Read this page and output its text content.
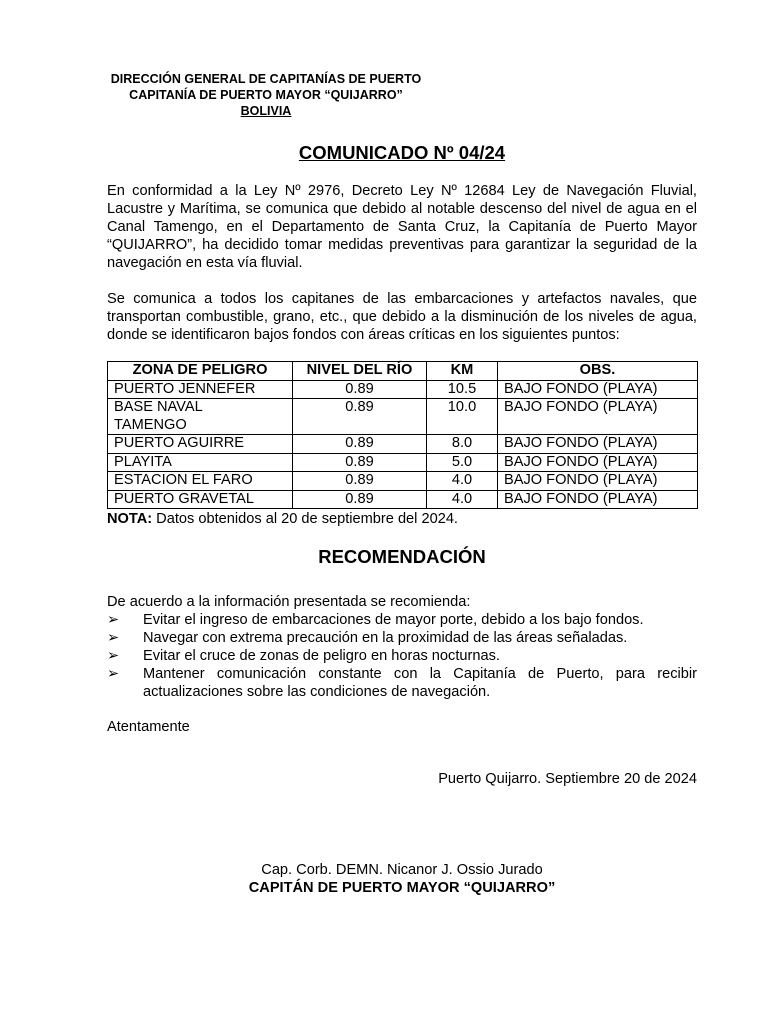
DIRECCIÓN GENERAL DE CAPITANÍAS DE PUERTO
CAPITANÍA DE PUERTO MAYOR “QUIJARRO”
BOLIVIA
COMUNICADO Nº 04/24
En conformidad a la Ley Nº 2976, Decreto Ley Nº 12684 Ley de Navegación Fluvial, Lacustre y Marítima, se comunica que debido al notable descenso del nivel de agua en el Canal Tamengo, en el Departamento de Santa Cruz, la Capitanía de Puerto Mayor “QUIJARRO”, ha decidido tomar medidas preventivas para garantizar la seguridad de la navegación en esta vía fluvial.
Se comunica a todos los capitanes de las embarcaciones y artefactos navales, que transportan combustible, grano, etc., que debido a la disminución de los niveles de agua, donde se identificaron bajos fondos con áreas críticas en los siguientes puntos:
ZONA DE PELIGRO	NIVEL DEL RÍO	KM	OBS.
PUERTO JENNEFER	0.89	10.5	BAJO FONDO (PLAYA)

BASE NAVAL
TAMENGO	0.89	10.0	BAJO FONDO (PLAYA)
PUERTO AGUIRRE	0.89	8.0	BAJO FONDO (PLAYA)
PLAYITA	0.89	5.0	BAJO FONDO (PLAYA)
ESTACION EL FARO	0.89	4.0	BAJO FONDO (PLAYA)
PUERTO GRAVETAL	0.89	4.0	BAJO FONDO (PLAYA)
NOTA: Datos obtenidos al 20 de septiembre del 2024.
RECOMENDACIÓN
De acuerdo a la información presentada se recomienda:
➢ Evitar el ingreso de embarcaciones de mayor porte, debido a los bajo fondos.
➢ Navegar con extrema precaución en la proximidad de las áreas señaladas.
➢ Evitar el cruce de zonas de peligro en horas nocturnas.
➢ Mantener comunicación constante con la Capitanía de Puerto, para recibir actualizaciones sobre las condiciones de navegación.
Atentamente
Puerto Quijarro. Septiembre 20 de 2024
Cap. Corb. DEMN. Nicanor J. Ossio Jurado
CAPITÁN DE PUERTO MAYOR “QUIJARRO”
